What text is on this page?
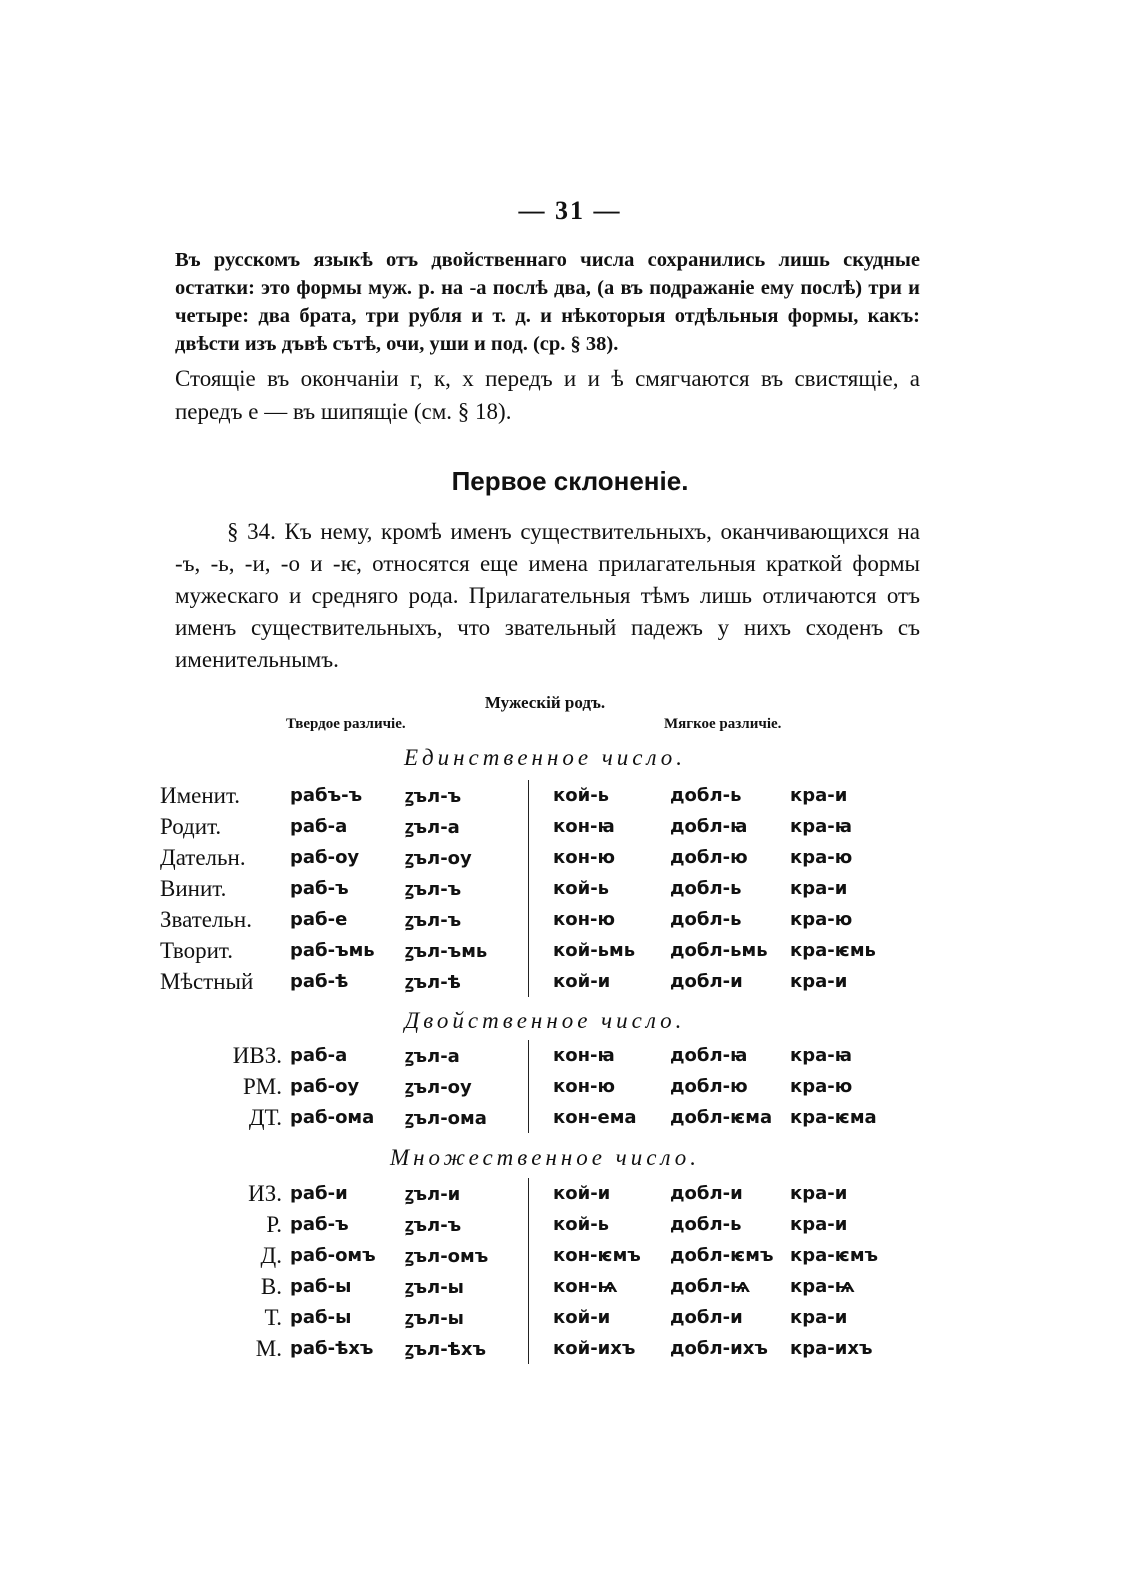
— 31 —
Въ русскомъ языкѣ отъ двойственнаго числа сохранились лишь скудные остатки: это формы муж. р. на -а послѣ два, (а въ подражаніе ему послѣ) три и четыре: два брата, три рубля и т. д. и нѣкоторыя отдѣльныя формы, какъ: двѣсти изъ дъвѣ сътѣ, очи, уши и под. (ср. § 38).
Стоящіе въ окончаніи г, к, х передъ и и ѣ смягчаются въ свистящіе, а передъ е — въ шипящіе (см. § 18).
Первое склоненіе.
§ 34. Къ нему, кромѣ именъ существительныхъ, оканчивающихся на -ъ, -ь, -и, -о и -ѥ, относятся еще имена прилагательныя краткой формы мужескаго и средняго рода. Прилагательныя тѣмъ лишь отличаются отъ именъ существительныхъ, что звательный падежъ у нихъ сходенъ съ именительнымъ.
Мужескій родъ.
Твердое различіе.	Мягкое различіе.
Единственное число.
Именит.	рабъ-ъ	ꙁъл-ъ	кой-ь	добл-ь	кра-и
Родит.	раб-а	ꙁъл-а	кон-ꙗ	добл-ꙗ	кра-ꙗ
Дательн.	раб-оу	ꙁъл-оу	кон-ю	добл-ю	кра-ю
Винит.	раб-ъ	ꙁъл-ъ	кой-ь	добл-ь	кра-и
Звательн.	раб-е	ꙁъл-ъ	кон-ю	добл-ь	кра-ю
Творит.	раб-ъмь	ꙁъл-ъмь	кой-ьмь	добл-ьмь	кра-ѥмь
Мѣстный	раб-ѣ	ꙁъл-ѣ	кой-и	добл-и	кра-и
Двойственное число.
ИВЗ.	раб-а	ꙁъл-а	кон-ꙗ	добл-ꙗ	кра-ꙗ
РМ.	раб-оу	ꙁъл-оу	кон-ю	добл-ю	кра-ю
ДТ.	раб-ома	ꙁъл-ома	кон-ема	добл-ѥма	кра-ѥма
Множественное число.
ИЗ.	раб-и	ꙁъл-и	кой-и	добл-и	кра-и
Р.	раб-ъ	ꙁъл-ъ	кой-ь	добл-ь	кра-и
Д.	раб-омъ	ꙁъл-омъ	кон-ѥмъ	добл-ѥмъ	кра-ѥмъ
В.	раб-ы	ꙁъл-ы	кон-ѩ	добл-ѩ	кра-ѩ
Т.	раб-ы	ꙁъл-ы	кой-и	добл-и	кра-и
М.	раб-ѣхъ	ꙁъл-ѣхъ	кой-ихъ	добл-ихъ	кра-ихъ
